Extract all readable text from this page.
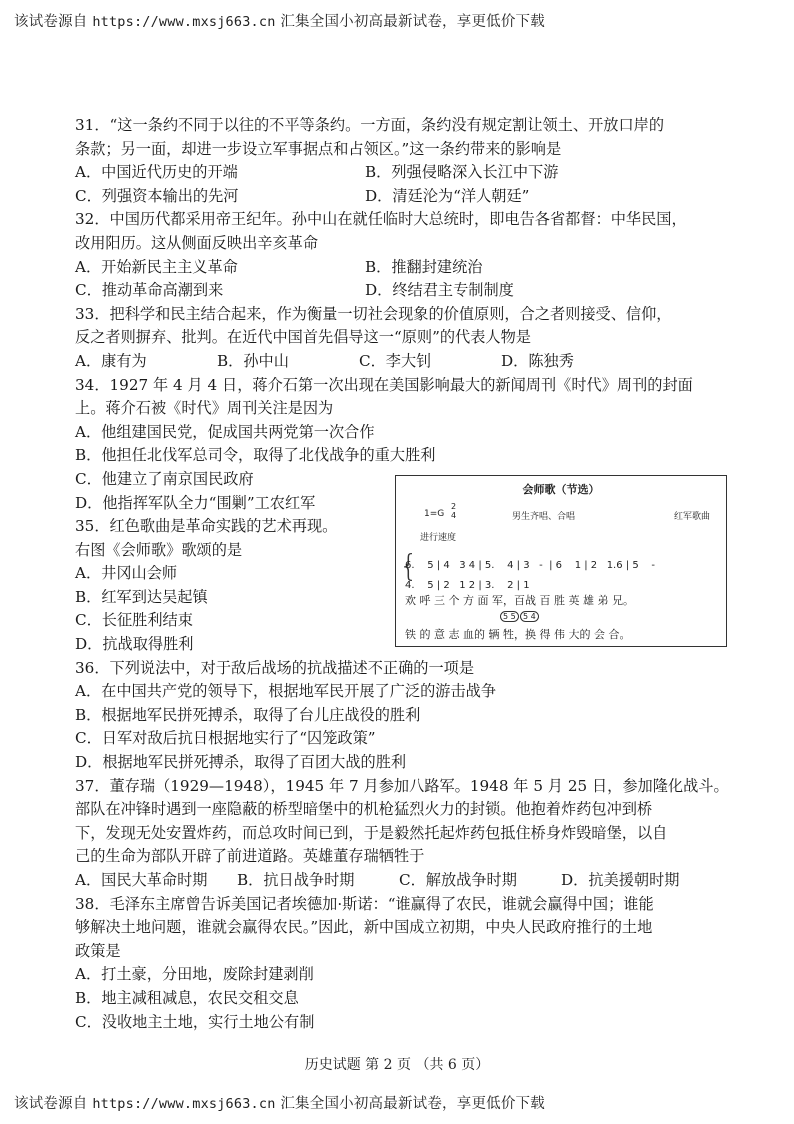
该试卷源自 https://www.mxsj663.cn 汇集全国小初高最新试卷，享更低价下载
31．“这一条约不同于以往的不平等条约。一方面，条约没有规定割让领土、开放口岸的
条款；另一面，却进一步设立军事据点和占领区。”这一条约带来的影响是
A．中国近代历史的开端	B．列强侵略深入长江中下游
C．列强资本输出的先河	D．清廷沦为“洋人朝廷”
32．中国历代都采用帝王纪年。孙中山在就任临时大总统时，即电告各省都督：中华民国，
改用阳历。这从侧面反映出辛亥革命
A．开始新民主主义革命	B．推翻封建统治
C．推动革命高潮到来	D．终结君主专制制度
33．把科学和民主结合起来，作为衡量一切社会现象的价值原则，合之者则接受、信仰，
反之者则摒弃、批判。在近代中国首先倡导这一“原则”的代表人物是
A．康有为	B．孙中山	C．李大钊	D．陈独秀
34．1927 年 4 月 4 日，蒋介石第一次出现在美国影响最大的新闻周刊《时代》周刊的封面
上。蒋介石被《时代》周刊关注是因为
A．他组建国民党，促成国共两党第一次合作
B．他担任北伐军总司令，取得了北伐战争的重大胜利
C．他建立了南京国民政府
D．他指挥军队全力“围剿”工农红军
35．红色歌曲是革命实践的艺术再现。
右图《会师歌》歌颂的是
A．井冈山会师
B．红军到达吴起镇
C．长征胜利结束
D．抗战取得胜利
36．下列说法中，对于敌后战场的抗战描述不正确的一项是
A．在中国共产党的领导下，根据地军民开展了广泛的游击战争
B．根据地军民拼死搏杀，取得了台儿庄战役的胜利
C．日军对敌后抗日根据地实行了“囚笼政策”
D．根据地军民拼死搏杀，取得了百团大战的胜利
37．董存瑞（1929—1948），1945 年 7 月参加八路军。1948 年 5 月 25 日，参加隆化战斗。
部队在冲锋时遇到一座隐蔽的桥型暗堡中的机枪猛烈火力的封锁。他抱着炸药包冲到桥
下，发现无处安置炸药，而总攻时间已到，于是毅然托起炸药包抵住桥身炸毁暗堡，以自
己的生命为部队开辟了前进道路。英雄董存瑞牺牲于
A．国民大革命时期	B．抗日战争时期	C．解放战争时期	D．抗美援朝时期
38．毛泽东主席曾告诉美国记者埃德加·斯诺：“谁赢得了农民，谁就会赢得中国；谁能
够解决土地问题，谁就会赢得农民。”因此，新中国成立初期，中央人民政府推行的土地
政策是
A．打土豪，分田地，废除封建剥削
B．地主减租减息，农民交租交息
C．没收地主土地，实行土地公有制
会师歌（节选）
1=G
2
4	男生齐唱、合唱	红军歌曲
进行速度
{
6.    5 | 4   3 4 | 5.    4 | 3   -  | 6    1 | 2   1.6 | 5    -
4.    5 | 2   1 2 | 3.    2 | 1
欢 呼 三 个 方 面 军，百战 百 胜 英 雄 弟 兄。
5 5 5 4
铁 的 意 志 血的 辆 牲，换 得 伟 大的 会 合。
历史试题 第 2 页 （共 6 页）
该试卷源自 https://www.mxsj663.cn 汇集全国小初高最新试卷，享更低价下载
